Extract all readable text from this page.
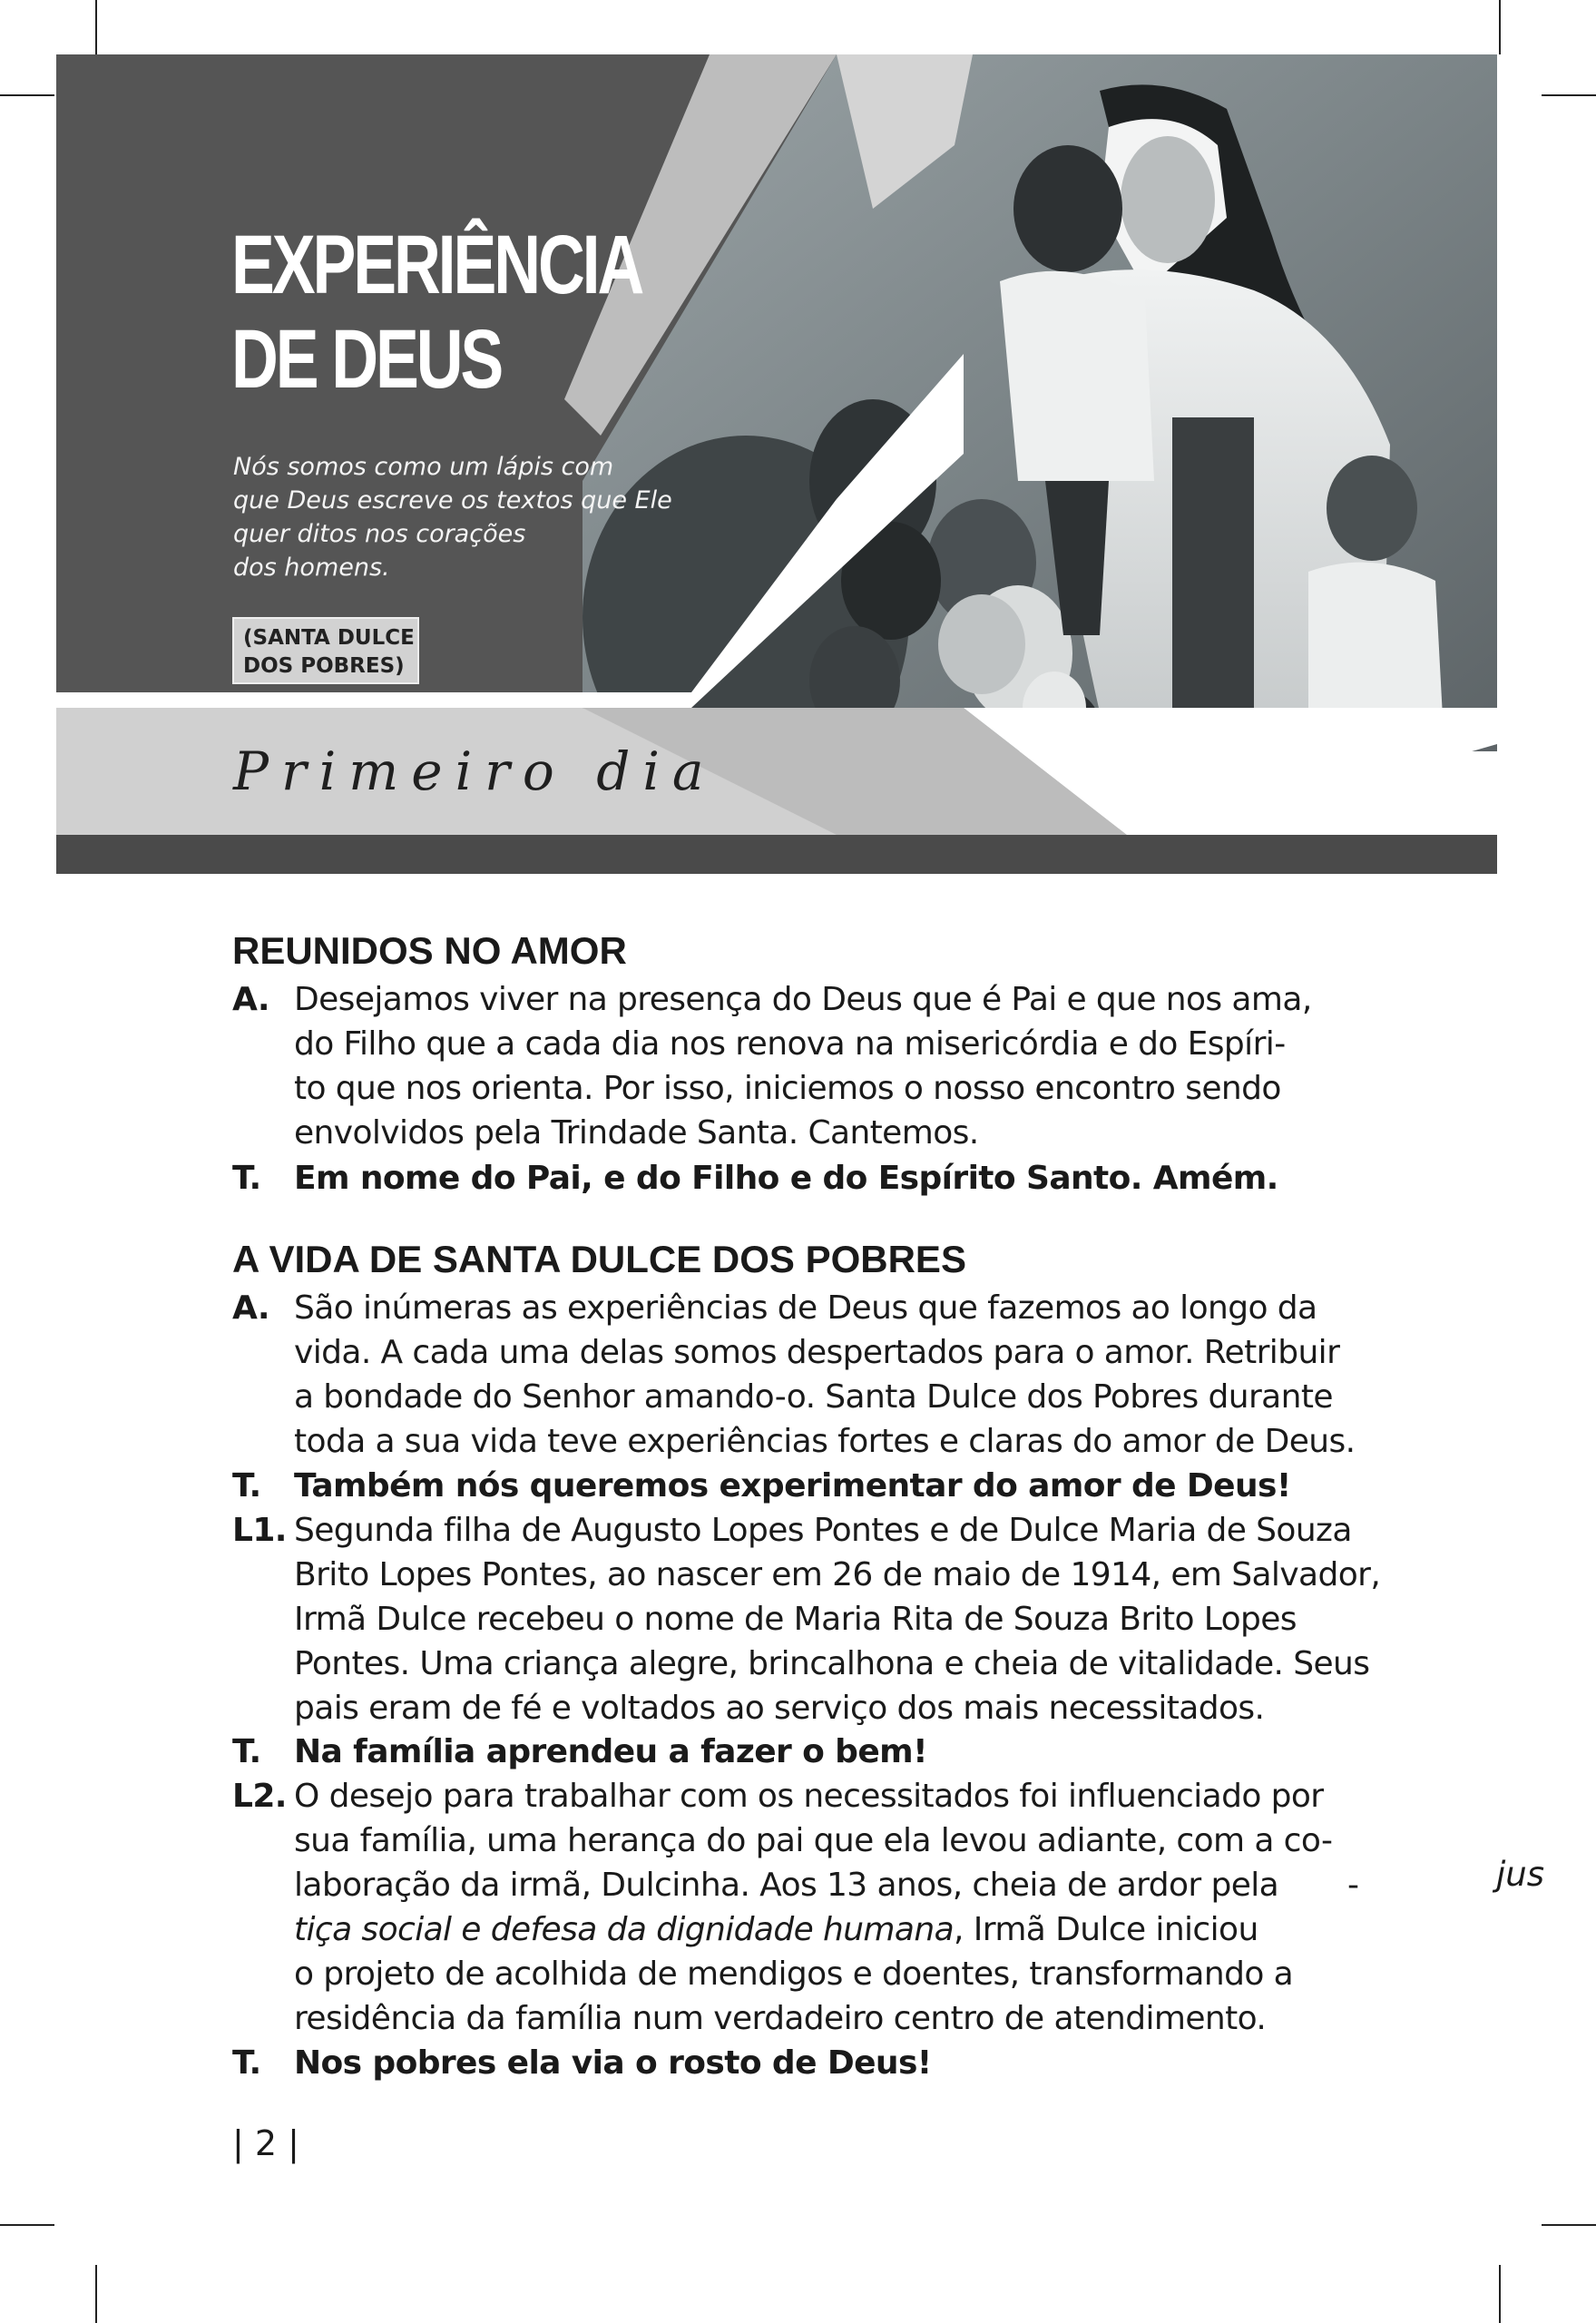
EXPERIÊNCIA
DE DEUS
Nós somos como um lápis com
que Deus escreve os textos que Ele
quer ditos nos corações
dos homens.
(SANTA DULCE
DOS POBRES)
Primeiro dia
REUNIDOS NO AMOR
A. Desejamos viver na presença do Deus que é Pai e que nos ama,
do Filho que a cada dia nos renova na misericórdia e do Espíri-
to que nos orienta. Por isso, iniciemos o nosso encontro sendo
envolvidos pela Trindade Santa. Cantemos.
T. Em nome do Pai, e do Filho e do Espírito Santo. Amém.
A VIDA DE SANTA DULCE DOS POBRES
A. São inúmeras as experiências de Deus que fazemos ao longo da
vida. A cada uma delas somos despertados para o amor. Retribuir
a bondade do Senhor amando-o. Santa Dulce dos Pobres durante
toda a sua vida teve experiências fortes e claras do amor de Deus.
T. Também nós queremos experimentar do amor de Deus!
L1. Segunda filha de Augusto Lopes Pontes e de Dulce Maria de Souza
Brito Lopes Pontes, ao nascer em 26 de maio de 1914, em Salvador,
Irmã Dulce recebeu o nome de Maria Rita de Souza Brito Lopes
Pontes. Uma criança alegre, brincalhona e cheia de vitalidade. Seus
pais eram de fé e voltados ao serviço dos mais necessitados.
T. Na família aprendeu a fazer o bem!
L2. O desejo para trabalhar com os necessitados foi influenciado por
sua família, uma herança do pai que ela levou adiante, com a co-
laboração da irmã, Dulcinha. Aos 13 anos, cheia de ardor pela       -
tiça social e defesa da dignidade humana, Irmã Dulce iniciou
o projeto de acolhida de mendigos e doentes, transformando a
residência da família num verdadeiro centro de atendimento.
jus
T. Nos pobres ela via o rosto de Deus!
| 2 |
